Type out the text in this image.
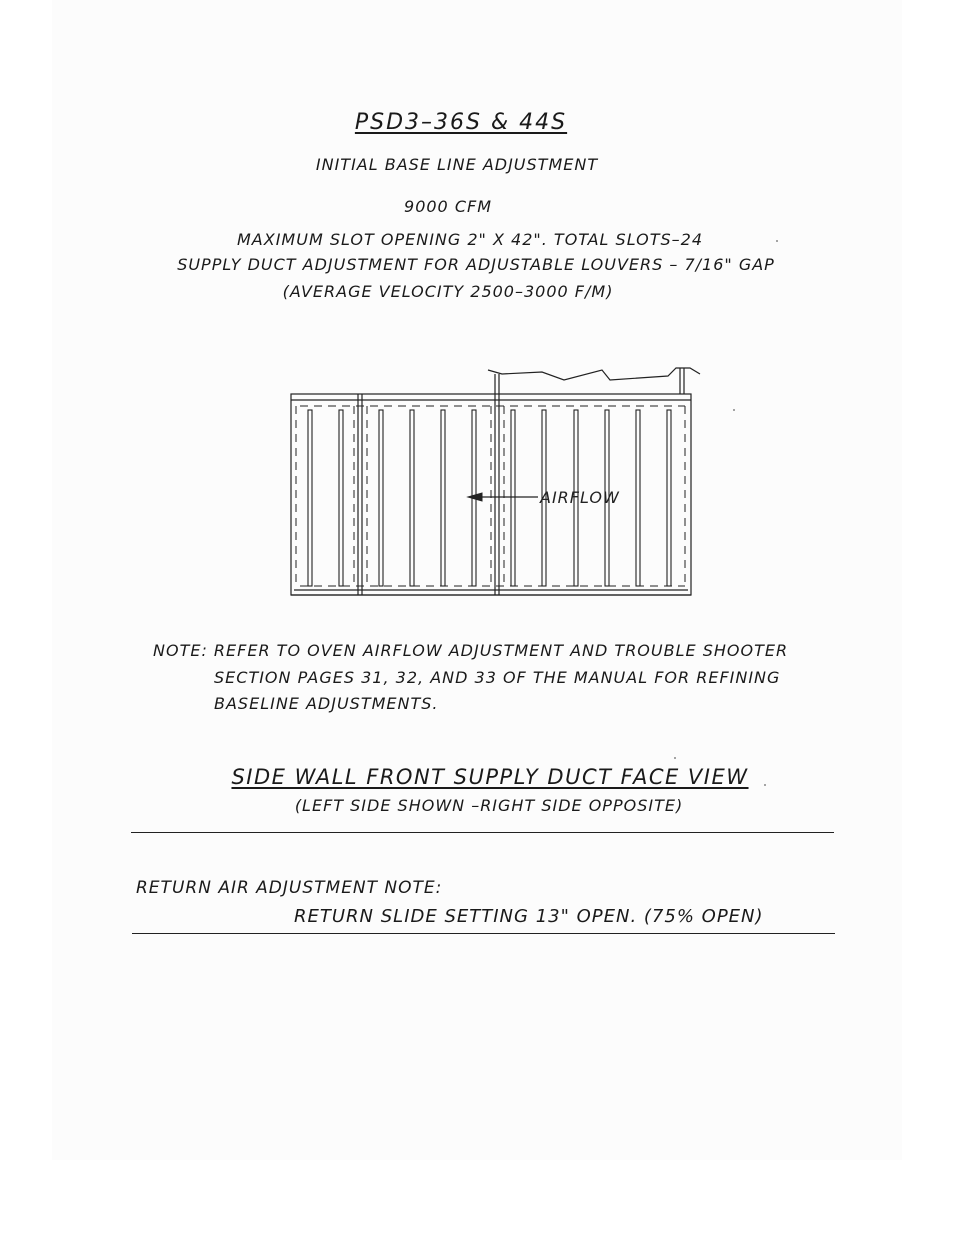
PSD3–36S & 44S
INITIAL BASE LINE ADJUSTMENT
9000 CFM
MAXIMUM SLOT OPENING 2" X 42". TOTAL SLOTS–24
SUPPLY DUCT ADJUSTMENT FOR ADJUSTABLE LOUVERS – 7/16" GAP
(AVERAGE VELOCITY 2500–3000 F/M)
AIRFLOW
NOTE: REFER TO OVEN AIRFLOW ADJUSTMENT AND TROUBLE SHOOTER
SECTION PAGES 31, 32, AND 33 OF THE MANUAL FOR REFINING
BASELINE ADJUSTMENTS.
SIDE WALL FRONT SUPPLY DUCT FACE VIEW
(LEFT SIDE SHOWN –RIGHT SIDE OPPOSITE)
RETURN AIR ADJUSTMENT NOTE:
RETURN SLIDE SETTING 13" OPEN. (75% OPEN)
